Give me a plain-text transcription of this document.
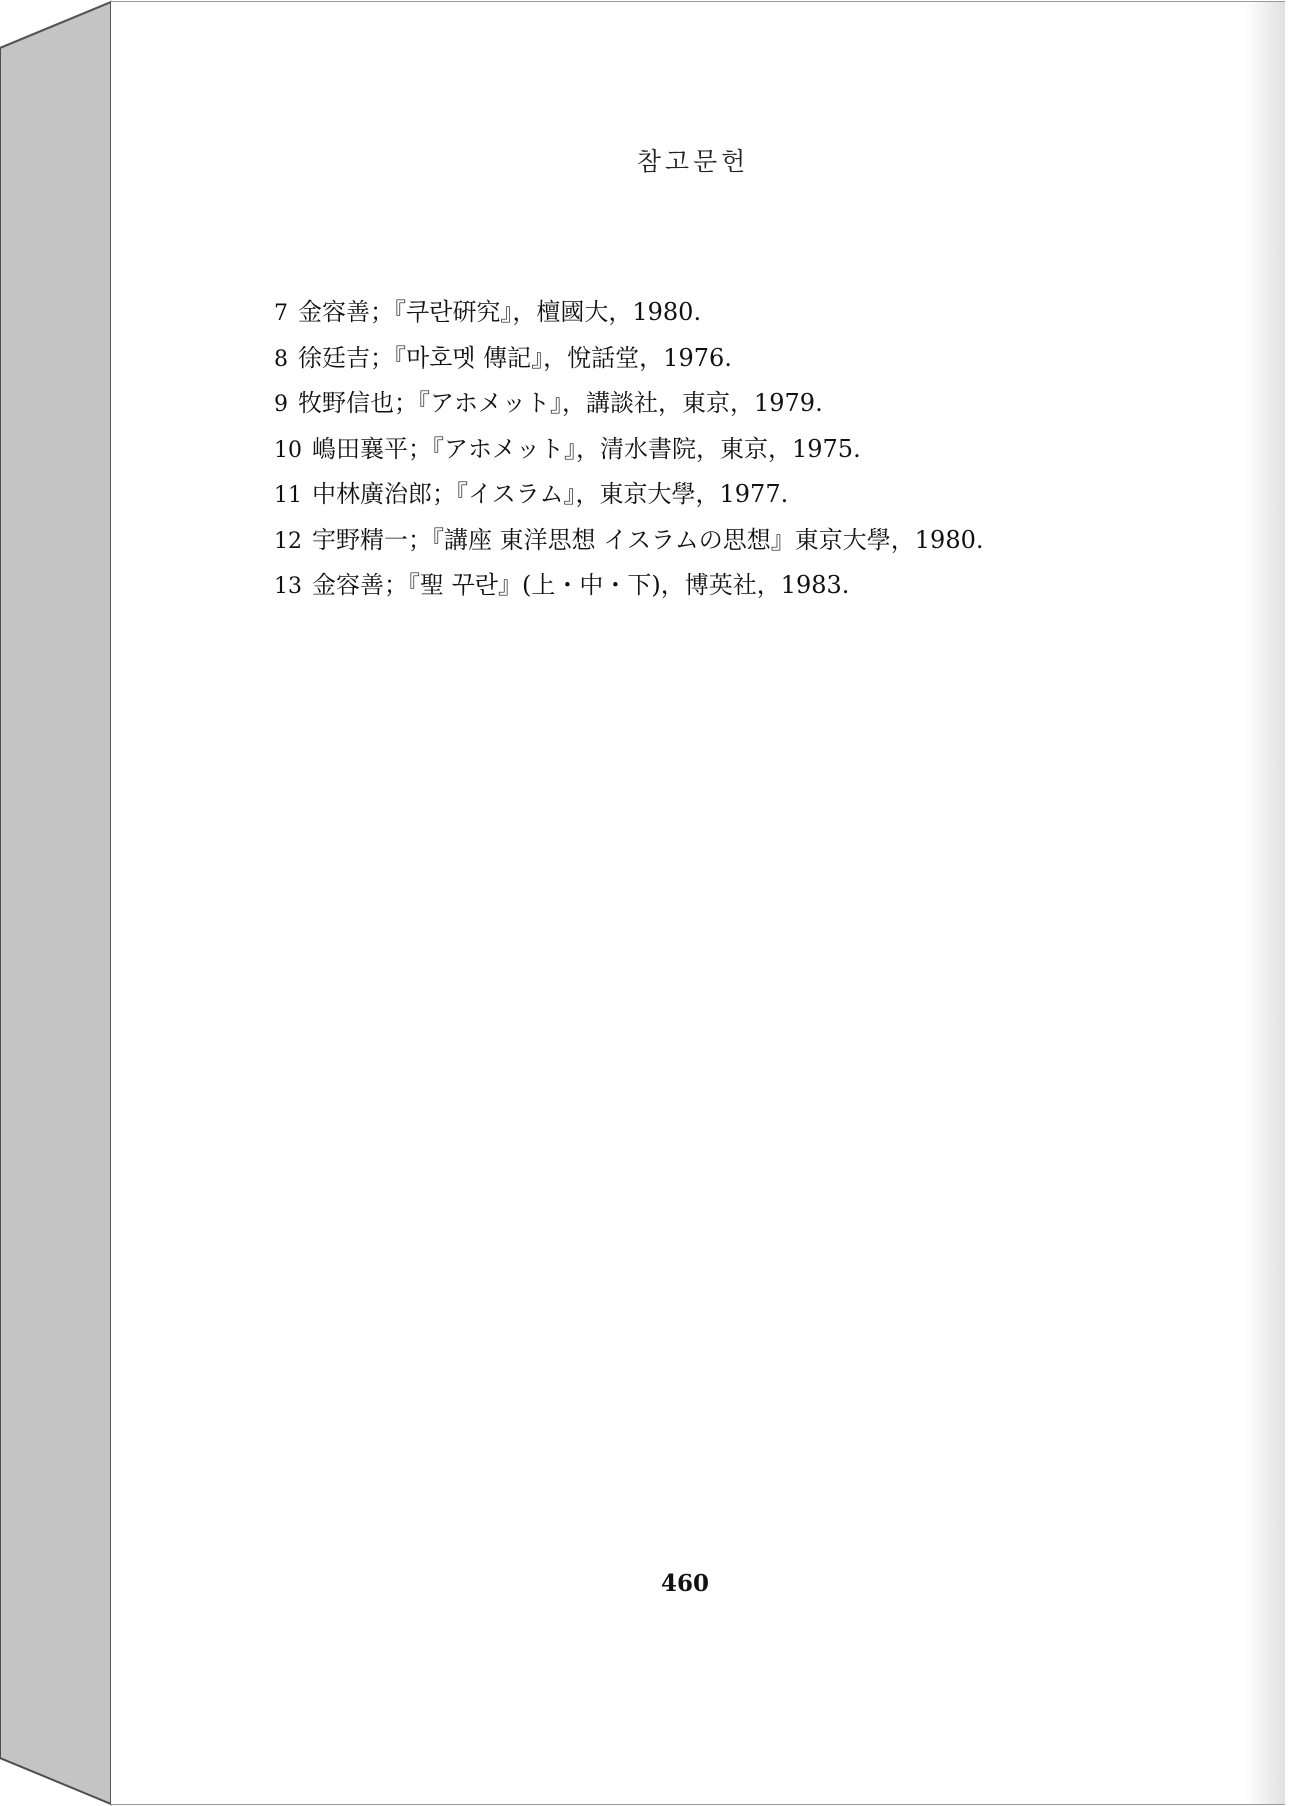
참고문헌
7 金容善；『쿠란硏究』，檀國大，1980.
8 徐廷吉；『마호멧 傳記』，悅話堂，1976.
9 牧野信也；『アホメット』，講談社，東京，1979.
10 嶋田襄平；『アホメット』，清水書院，東京，1975.
11 中林廣治郎；『イスラム』，東京大學，1977.
12 宇野精一；『講座 東洋思想 イスラムの思想』東京大學，1980.
13 金容善；『聖 꾸란』(上・中・下)，博英社，1983.
460
